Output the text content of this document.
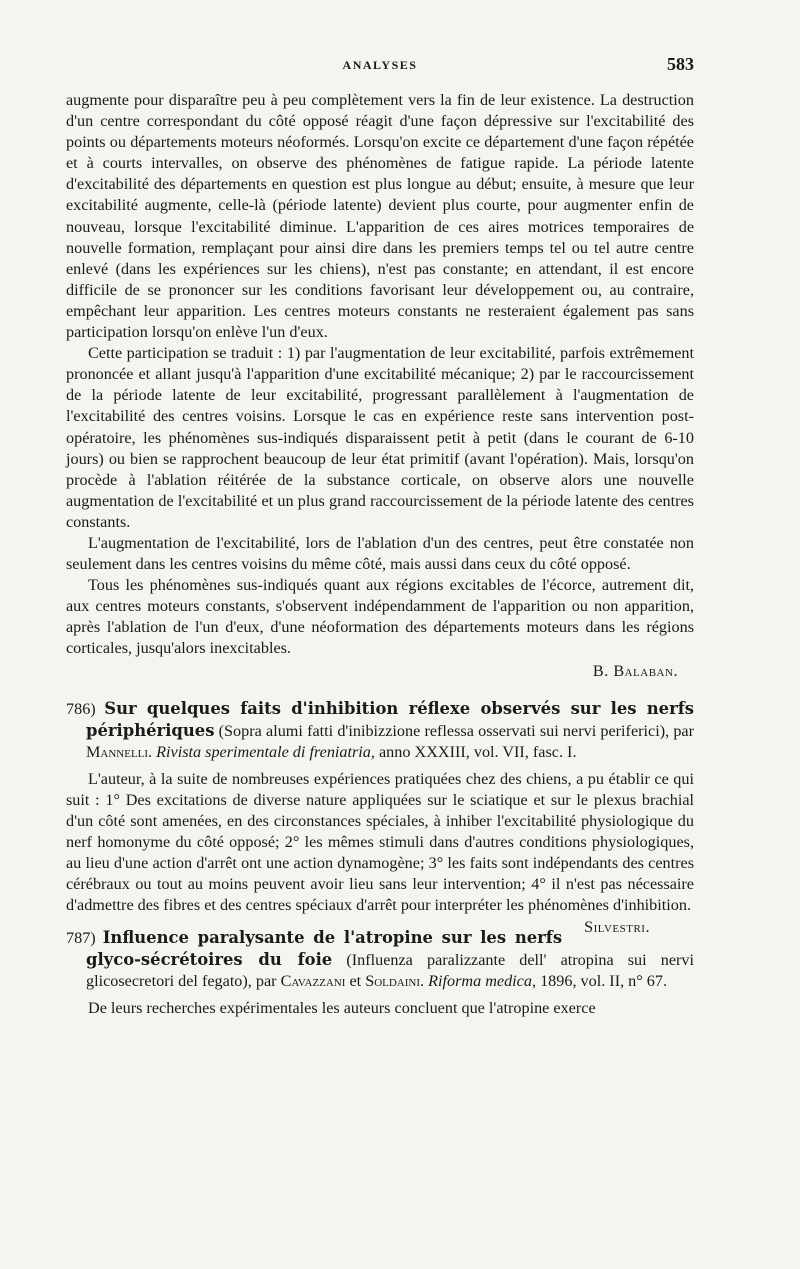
ANALYSES	583

augmente pour disparaître peu à peu complètement vers la fin de leur existence. La destruction d'un centre correspondant du côté opposé réagit d'une façon dépressive sur l'excitabilité des points ou départements moteurs néoformés. Lorsqu'on excite ce département d'une façon répétée et à courts intervalles, on observe des phénomènes de fatigue rapide. La période latente d'excitabilité des départements en question est plus longue au début; ensuite, à mesure que leur excitabilité augmente, celle-là (période latente) devient plus courte, pour augmenter enfin de nouveau, lorsque l'excitabilité diminue. L'apparition de ces aires motrices temporaires de nouvelle formation, remplaçant pour ainsi dire dans les premiers temps tel ou tel autre centre enlevé (dans les expériences sur les chiens), n'est pas constante; en attendant, il est encore difficile de se prononcer sur les conditions favorisant leur développement ou, au contraire, empêchant leur apparition. Les centres moteurs constants ne resteraient également pas sans participation lorsqu'on enlève l'un d'eux.

Cette participation se traduit : 1) par l'augmentation de leur excitabilité, parfois extrêmement prononcée et allant jusqu'à l'apparition d'une excitabilité mécanique; 2) par le raccourcissement de la période latente de leur excitabilité, progressant parallèlement à l'augmentation de l'excitabilité des centres voisins. Lorsque le cas en expérience reste sans intervention post-opératoire, les phénomènes sus-indiqués disparaissent petit à petit (dans le courant de 6-10 jours) ou bien se rapprochent beaucoup de leur état primitif (avant l'opération). Mais, lorsqu'on procède à l'ablation réitérée de la substance corticale, on observe alors une nouvelle augmentation de l'excitabilité et un plus grand raccourcissement de la période latente des centres constants.

L'augmentation de l'excitabilité, lors de l'ablation d'un des centres, peut être constatée non seulement dans les centres voisins du même côté, mais aussi dans ceux du côté opposé.

Tous les phénomènes sus-indiqués quant aux régions excitables de l'écorce, autrement dit, aux centres moteurs constants, s'observent indépendamment de l'apparition ou non apparition, après l'ablation de l'un d'eux, d'une néoformation des départements moteurs dans les régions corticales, jusqu'alors inexcitables.

B. Balaban.

786) Sur quelques faits d'inhibition réflexe observés sur les nerfs périphériques (Sopra alumi fatti d'inibizzione reflessa osservati sui nervi periferici), par Mannelli. Rivista sperimentale di freniatria, anno XXXIII, vol. VII, fasc. I.

L'auteur, à la suite de nombreuses expériences pratiquées chez des chiens, a pu établir ce qui suit : 1° Des excitations de diverse nature appliquées sur le sciatique et sur le plexus brachial d'un côté sont amenées, en des circonstances spéciales, à inhiber l'excitabilité physiologique du nerf homonyme du côté opposé; 2° les mêmes stimuli dans d'autres conditions physiologiques, au lieu d'une action d'arrêt ont une action dynamogène; 3° les faits sont indépendants des centres cérébraux ou tout au moins peuvent avoir lieu sans leur intervention; 4° il n'est pas nécessaire d'admettre des fibres et des centres spéciaux d'arrêt pour interpréter les phénomènes d'inhibition.
Silvestri.

787) Influence paralysante de l'atropine sur les nerfs glyco-sécrétoires du foie (Influenza paralizzante dell' atropina sui nervi glicosecretori del fegato), par Cavazzani et Soldaini. Riforma medica, 1896, vol. II, n° 67.

De leurs recherches expérimentales les auteurs concluent que l'atropine exerce
